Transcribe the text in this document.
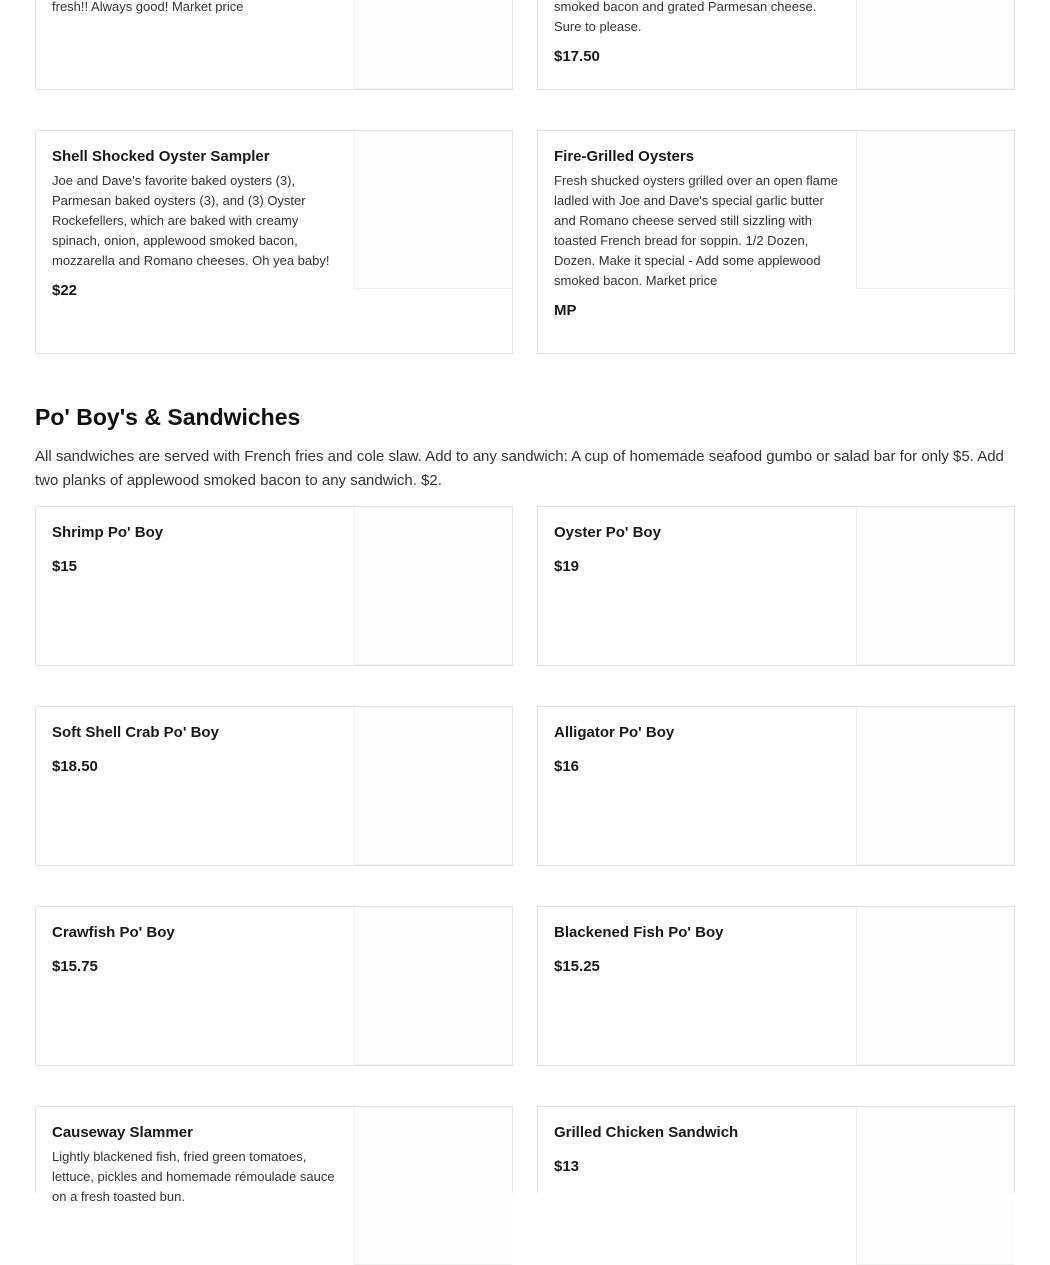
fresh!! Always good! Market price	smoked bacon and grated Parmesan cheese. Sure to please.
$17.50
Shell Shocked Oyster Sampler
Joe and Dave's favorite baked oysters (3), Parmesan baked oysters (3), and (3) Oyster Rockefellers, which are baked with creamy spinach, onion, applewood smoked bacon, mozzarella and Romano cheeses. Oh yea baby!
$22
Fire-Grilled Oysters
Fresh shucked oysters grilled over an open flame ladled with Joe and Dave's special garlic butter and Romano cheese served still sizzling with toasted French bread for soppin. 1/2 Dozen, Dozen. Make it special - Add some applewood smoked bacon. Market price
MP
Po' Boy's & Sandwiches

All sandwiches are served with French fries and cole slaw. Add to any sandwich: A cup of homemade seafood gumbo or salad bar for only $5. Add two planks of applewood smoked bacon to any sandwich. $2.

Shrimp Po' Boy
$15
Oyster Po' Boy
$19
Soft Shell Crab Po' Boy
$18.50
Alligator Po' Boy
$16
Crawfish Po' Boy
$15.75
Blackened Fish Po' Boy
$15.25
Causeway Slammer
Lightly blackened fish, fried green tomatoes, lettuce, pickles and homemade rémoulade sauce on a fresh toasted bun.
Grilled Chicken Sandwich
$13
